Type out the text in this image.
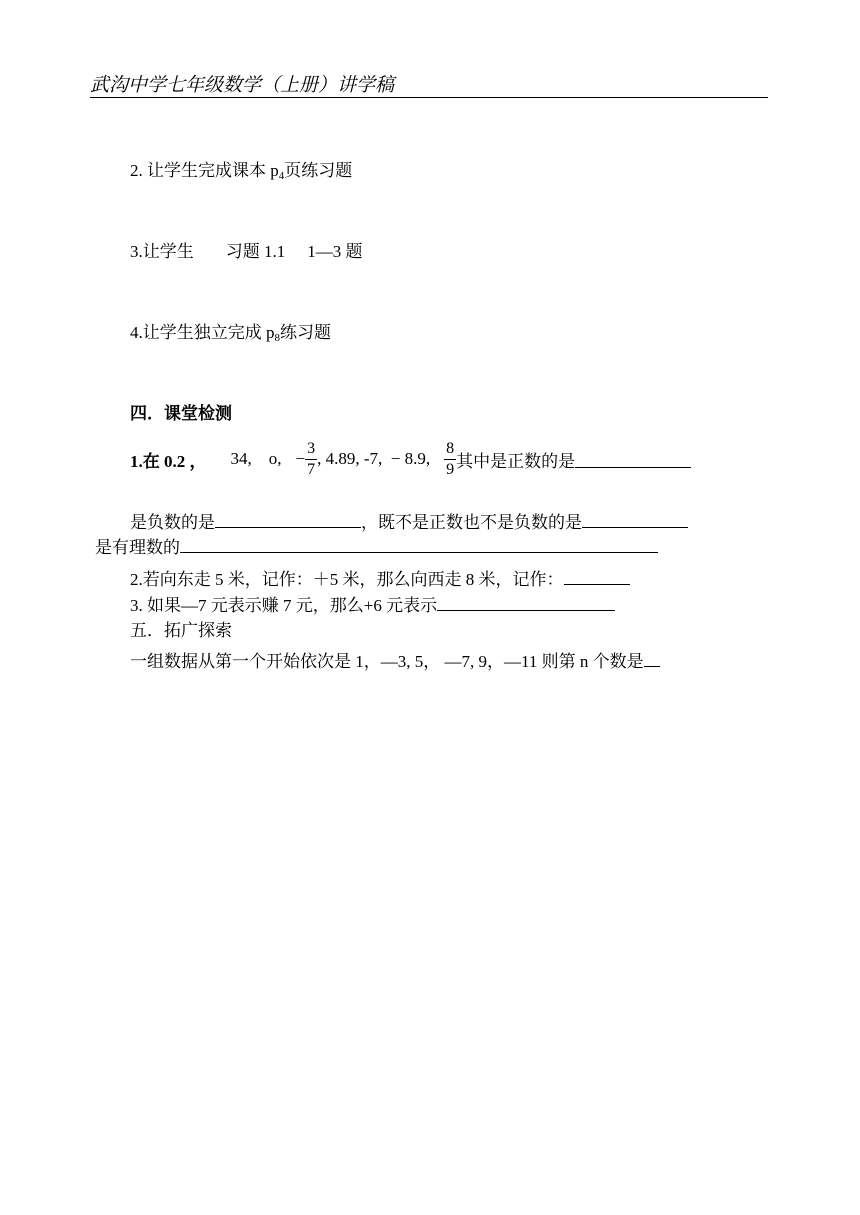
武沟中学七年级数学（上册）讲学稿
2. 让学生完成课本 $p_4$页练习题
3.让学生 习题 1.1 1—3 题
4.让学生独立完成 $p_8$练习题
四．课堂检测
1.在 0.2 ， 34,    o, − $\frac{3}{7}$ , 4.89, -7,  − 8.9, $\frac{8}{9}$ 其中是正数的是
是负数的是	，既不是正数也不是负数的是
是有理数的
2.若向东走 5 米，记作：＋5 米，那么向西走 8 米，记作：
3. 如果—7 元表示赚 7 元，那么+6 元表示
五．拓广探索
一组数据从第一个开始依次是 1，—3, 5， —7, 9，—11 则第 n 个数是
